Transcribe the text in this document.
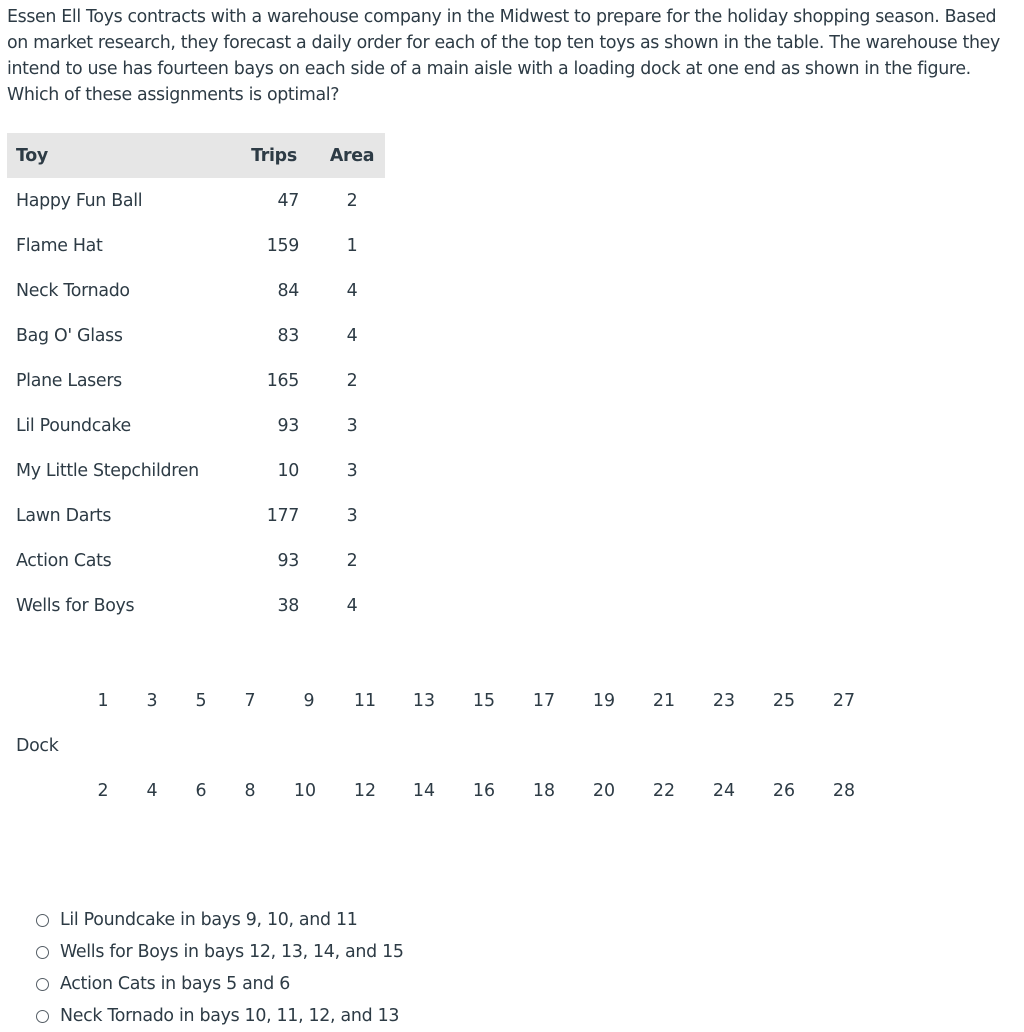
Essen Ell Toys contracts with a warehouse company in the Midwest to prepare for the holiday shopping season. Based on market research, they forecast a daily order for each of the top ten toys as shown in the table. The warehouse they intend to use has fourteen bays on each side of a main aisle with a loading dock at one end as shown in the figure. Which of these assignments is optimal?

Toy	Trips	Area
Happy Fun Ball	47	2
Flame Hat	159	1
Neck Tornado	84	4
Bag O' Glass	83	4
Plane Lasers	165	2
Lil Poundcake	93	3
My Little Stepchildren	10	3
Lawn Darts	177	3
Action Cats	93	2
Wells for Boys	38	4
1 3 5 7	9 11 13 15 17 19 21 23 25 27
Dock
2 4 6 8 10 12 14 16 18 20 22 24 26 28
Lil Poundcake in bays 9, 10, and 11
Wells for Boys in bays 12, 13, 14, and 15
Action Cats in bays 5 and 6
Neck Tornado in bays 10, 11, 12, and 13
